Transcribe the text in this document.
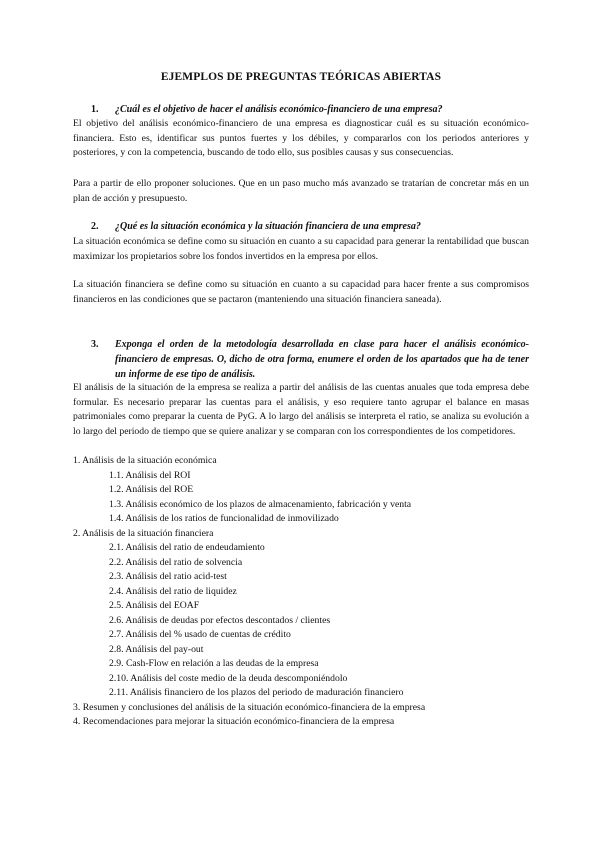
EJEMPLOS DE PREGUNTAS TEÓRICAS ABIERTAS
1. ¿Cuál es el objetivo de hacer el análisis económico-financiero de una empresa?
El objetivo del análisis económico-financiero de una empresa es diagnosticar cuál es su situación económico-financiera. Esto es, identificar sus puntos fuertes y los débiles, y compararlos con los periodos anteriores y posteriores, y con la competencia, buscando de todo ello, sus posibles causas y sus consecuencias.
Para a partir de ello proponer soluciones. Que en un paso mucho más avanzado se tratarían de concretar más en un plan de acción y presupuesto.
2. ¿Qué es la situación económica y la situación financiera de una empresa?
La situación económica se define como su situación en cuanto a su capacidad para generar la rentabilidad que buscan maximizar los propietarios sobre los fondos invertidos en la empresa por ellos.
La situación financiera se define como su situación en cuanto a su capacidad para hacer frente a sus compromisos financieros en las condiciones que se pactaron (manteniendo una situación financiera saneada).
3.	Exponga el orden de la metodología desarrollada en clase para hacer el análisis económico-financiero de empresas. O, dicho de otra forma, enumere el orden de los apartados que ha de tener un informe de ese tipo de análisis.
El análisis de la situación de la empresa se realiza a partir del análisis de las cuentas anuales que toda empresa debe formular. Es necesario preparar las cuentas para el análisis, y eso requiere tanto agrupar el balance en masas patrimoniales como preparar la cuenta de PyG. A lo largo del análisis se interpreta el ratio, se analiza su evolución a lo largo del periodo de tiempo que se quiere analizar y se comparan con los correspondientes de los competidores.
1. Análisis de la situación económica
1.1. Análisis del ROI
1.2. Análisis del ROE
1.3. Análisis económico de los plazos de almacenamiento, fabricación y venta
1.4. Análisis de los ratios de funcionalidad de inmovilizado
2. Análisis de la situación financiera
2.1. Análisis del ratio de endeudamiento
2.2. Análisis del ratio de solvencia
2.3. Análisis del ratio acid-test
2.4. Análisis del ratio de liquidez
2.5. Análisis del EOAF
2.6. Análisis de deudas por efectos descontados / clientes
2.7. Análisis del % usado de cuentas de crédito
2.8. Análisis del pay-out
2.9. Cash-Flow en relación a las deudas de la empresa
2.10. Análisis del coste medio de la deuda descomponiéndolo
2.11. Análisis financiero de los plazos del periodo de maduración financiero
3. Resumen y conclusiones del análisis de la situación económico-financiera de la empresa
4. Recomendaciones para mejorar la situación económico-financiera de la empresa
